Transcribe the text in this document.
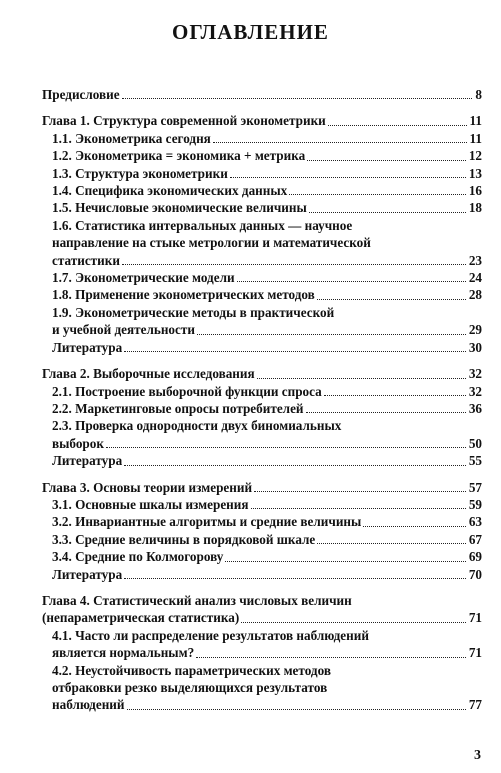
ОГЛАВЛЕНИЕ
Предисловие	8
Глава 1. Структура современной эконометрики	11
1.1. Эконометрика сегодня	11
1.2. Эконометрика = экономика + метрика	12
1.3. Структура эконометрики	13
1.4. Специфика экономических данных	16
1.5. Нечисловые экономические величины	18
1.6. Статистика интервальных данных — научное
направление на стыке метрологии и математической
статистики	23
1.7. Эконометрические модели	24
1.8. Применение эконометрических методов	28
1.9. Эконометрические методы в практической
и учебной деятельности	29
Литература	30
Глава 2. Выборочные исследования	32
2.1. Построение выборочной функции спроса	32
2.2. Маркетинговые опросы потребителей	36
2.3. Проверка однородности двух биномиальных
выборок	50
Литература	55
Глава 3. Основы теории измерений	57
3.1. Основные шкалы измерения	59
3.2. Инвариантные алгоритмы и средние величины	63
3.3. Средние величины в порядковой шкале	67
3.4. Средние по Колмогорову	69
Литература	70
Глава 4. Статистический анализ числовых величин
(непараметрическая статистика)	71
4.1. Часто ли распределение результатов наблюдений
является нормальным?	71
4.2. Неустойчивость параметрических методов
отбраковки резко выделяющихся результатов
наблюдений	77
3
